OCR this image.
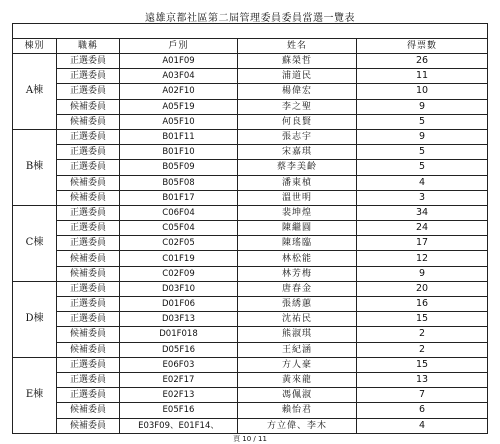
遠雄京都社區第二屆管理委員委員當選一覽表

棟別	職稱	戶別	姓名	得票數
A棟	正選委員	A01F09	蘇榮哲	26
	正選委員	A03F04	浦道民	11
	正選委員	A02F10	楊偉宏	10
	候補委員	A05F19	李之聖	9
	候補委員	A05F10	何良賢	5
B棟	正選委員	B01F11	張志宇	9
	正選委員	B01F10	宋嘉琪	5
	正選委員	B05F09	蔡李美齡	5
	候補委員	B05F08	潘東楨	4
	候補委員	B01F17	溫世明	3
C棟	正選委員	C06F04	裴坤煌	34
	正選委員	C05F04	陳繼圓	24
	正選委員	C02F05	陳瑤臨	17
	候補委員	C01F19	林松能	12
	候補委員	C02F09	林芳梅	9
D棟	正選委員	D03F10	唐春金	20
	正選委員	D01F06	張綉蕙	16
	正選委員	D03F13	沈祐民	15
	候補委員	D01F018	熊淑琪	2
	候補委員	D05F16	王紀涵	2
E棟	正選委員	E06F03	方人豪	15
	正選委員	E02F17	黃來龍	13
	正選委員	E02F13	馮佩淑	7
	候補委員	E05F16	賴怡君	6
	候補委員	E03F09、E01F14、	方立偉、李木	4
頁 10 / 11
